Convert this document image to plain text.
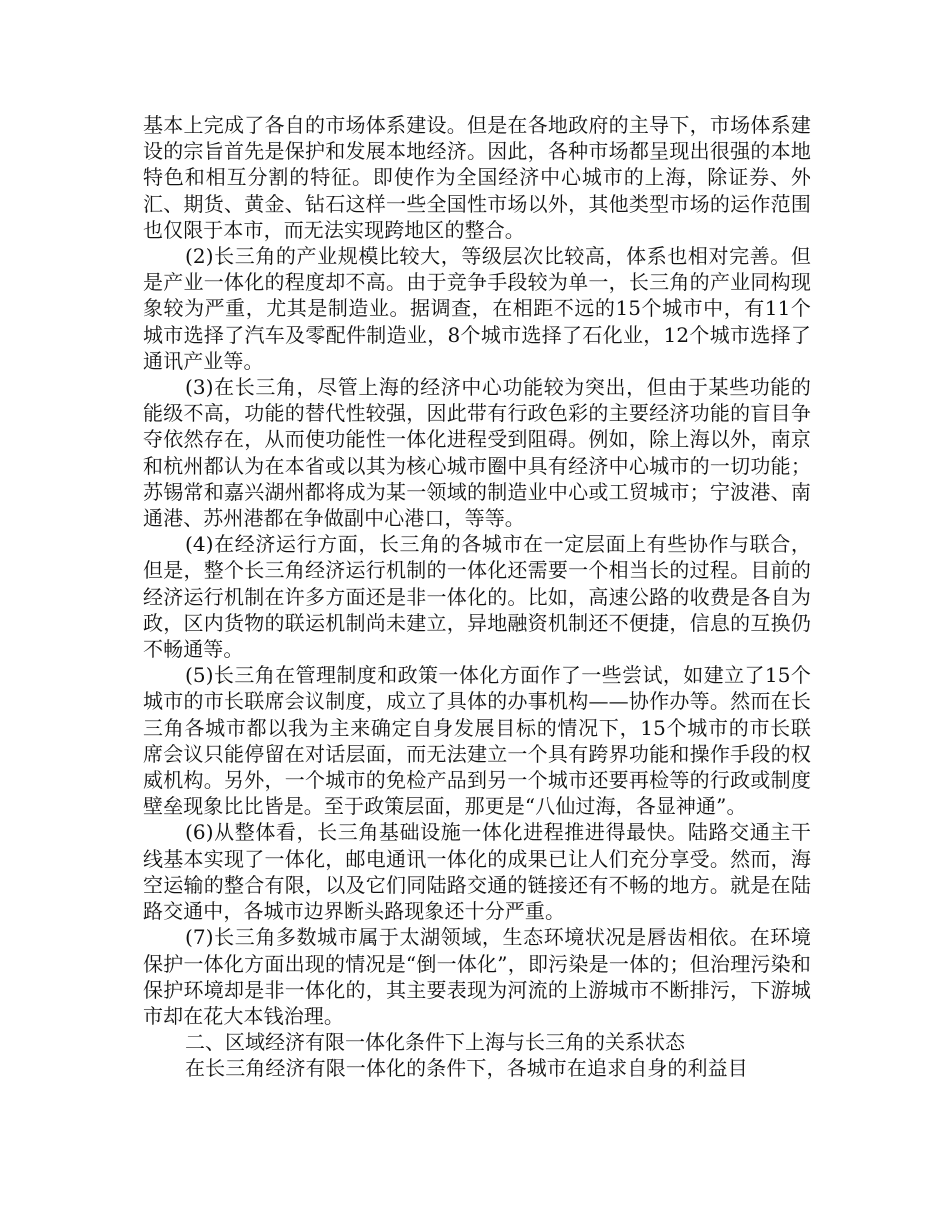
基本上完成了各自的市场体系建设。但是在各地政府的主导下，市场体系建设的宗旨首先是保护和发展本地经济。因此，各种市场都呈现出很强的本地特色和相互分割的特征。即使作为全国经济中心城市的上海，除证券、外汇、期货、黄金、钻石这样一些全国性市场以外，其他类型市场的运作范围也仅限于本市，而无法实现跨地区的整合。

(2)长三角的产业规模比较大，等级层次比较高，体系也相对完善。但是产业一体化的程度却不高。由于竞争手段较为单一，长三角的产业同构现象较为严重，尤其是制造业。据调查，在相距不远的15个城市中，有11个城市选择了汽车及零配件制造业，8个城市选择了石化业，12个城市选择了通讯产业等。

(3)在长三角，尽管上海的经济中心功能较为突出，但由于某些功能的能级不高，功能的替代性较强，因此带有行政色彩的主要经济功能的盲目争夺依然存在，从而使功能性一体化进程受到阻碍。例如，除上海以外，南京和杭州都认为在本省或以其为核心城市圈中具有经济中心城市的一切功能；苏锡常和嘉兴湖州都将成为某一领域的制造业中心或工贸城市；宁波港、南通港、苏州港都在争做副中心港口，等等。

(4)在经济运行方面，长三角的各城市在一定层面上有些协作与联合，但是，整个长三角经济运行机制的一体化还需要一个相当长的过程。目前的经济运行机制在许多方面还是非一体化的。比如，高速公路的收费是各自为政，区内货物的联运机制尚未建立，异地融资机制还不便捷，信息的互换仍不畅通等。

(5)长三角在管理制度和政策一体化方面作了一些尝试，如建立了15个城市的市长联席会议制度，成立了具体的办事机构——协作办等。然而在长三角各城市都以我为主来确定自身发展目标的情况下，15个城市的市长联席会议只能停留在对话层面，而无法建立一个具有跨界功能和操作手段的权威机构。另外，一个城市的免检产品到另一个城市还要再检等的行政或制度壁垒现象比比皆是。至于政策层面，那更是“八仙过海，各显神通”。

(6)从整体看，长三角基础设施一体化进程推进得最快。陆路交通主干线基本实现了一体化，邮电通讯一体化的成果已让人们充分享受。然而，海空运输的整合有限，以及它们同陆路交通的链接还有不畅的地方。就是在陆路交通中，各城市边界断头路现象还十分严重。

(7)长三角多数城市属于太湖领域，生态环境状况是唇齿相依。在环境保护一体化方面出现的情况是“倒一体化”，即污染是一体的；但治理污染和保护环境却是非一体化的，其主要表现为河流的上游城市不断排污，下游城市却在花大本钱治理。

二、区域经济有限一体化条件下上海与长三角的关系状态

在长三角经济有限一体化的条件下，各城市在追求自身的利益目
